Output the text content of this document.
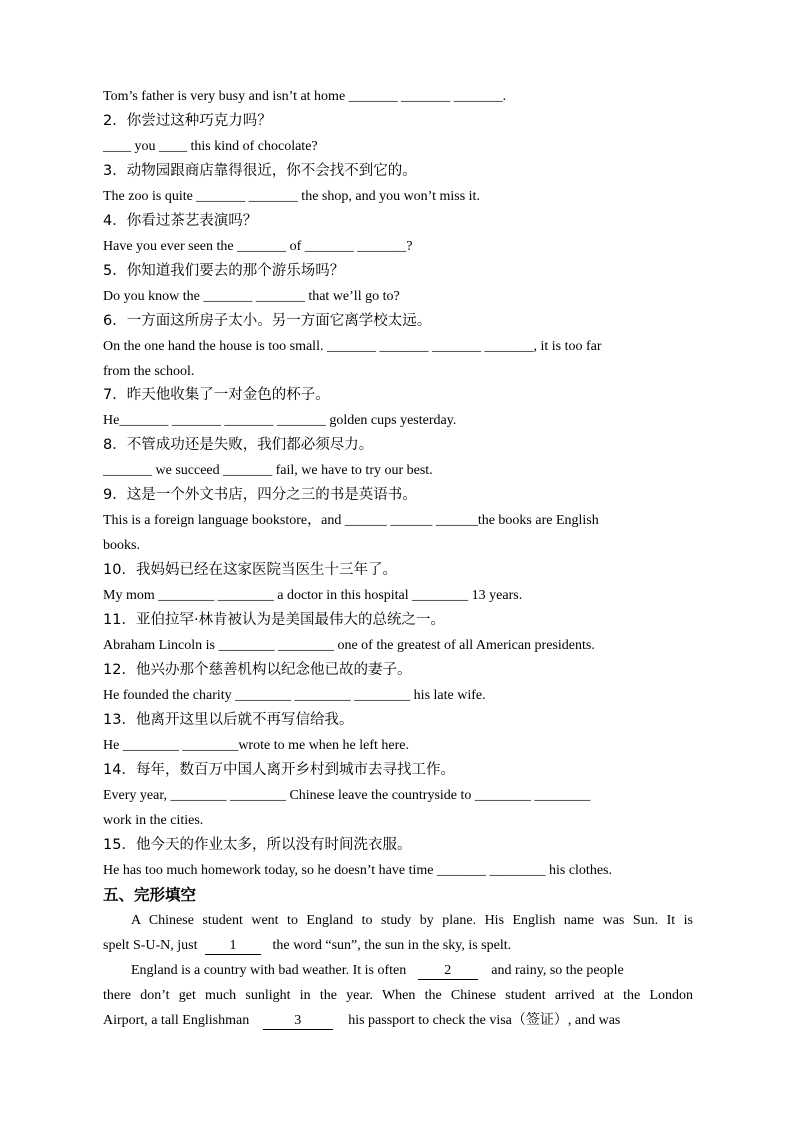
Tom’s father is very busy and isn’t at home _______ _______ _______.
2．你尝过这种巧克力吗？
____ you ____ this kind of chocolate?
3．动物园跟商店靠得很近，你不会找不到它的。
The zoo is quite _______ _______ the shop, and you won’t miss it.
4．你看过茶艺表演吗？
Have you ever seen the _______ of _______ _______?
5．你知道我们要去的那个游乐场吗？
Do you know the _______ _______ that we’ll go to?
6．一方面这所房子太小。另一方面它离学校太远。
On the one hand the house is too small. _______ _______ _______ _______, it is too far
from the school.
7．昨天他收集了一对金色的杯子。
He_______ _______ _______ _______ golden cups yesterday.
8．不管成功还是失败，我们都必须尽力。
_______ we succeed _______ fail, we have to try our best.
9．这是一个外文书店，四分之三的书是英语书。
This is a foreign language bookstore，and ______ ______ ______the books are English
books.
10．我妈妈已经在这家医院当医生十三年了。
My mom ________ ________ a doctor in this hospital ________ 13 years.
11．亚伯拉罕·林肯被认为是美国最伟大的总统之一。
Abraham Lincoln is ________ ________ one of the greatest of all American presidents.
12．他兴办那个慈善机构以纪念他已故的妻子。
He founded the charity ________ ________ ________ his late wife.
13．他离开这里以后就不再写信给我。
He ________ ________wrote to me when he left here.
14．每年，数百万中国人离开乡村到城市去寻找工作。
Every year, ________ ________ Chinese leave the countryside to ________ ________
work in the cities.
15．他今天的作业太多，所以没有时间洗衣服。
He has too much homework today, so he doesn’t have time _______ ________ his clothes.
五、完形填空
A Chinese student went to England to study by plane. His English name was Sun. It is
spelt S-U-N, just 1	the word “sun”, the sun in the sky, is spelt.
England is a country with bad weather. It is often	2	and rainy, so the people
there don’t get much sunlight in the year. When the Chinese student arrived at the London
Airport, a tall Englishman	3	his passport to check the visa（签证）, and was
